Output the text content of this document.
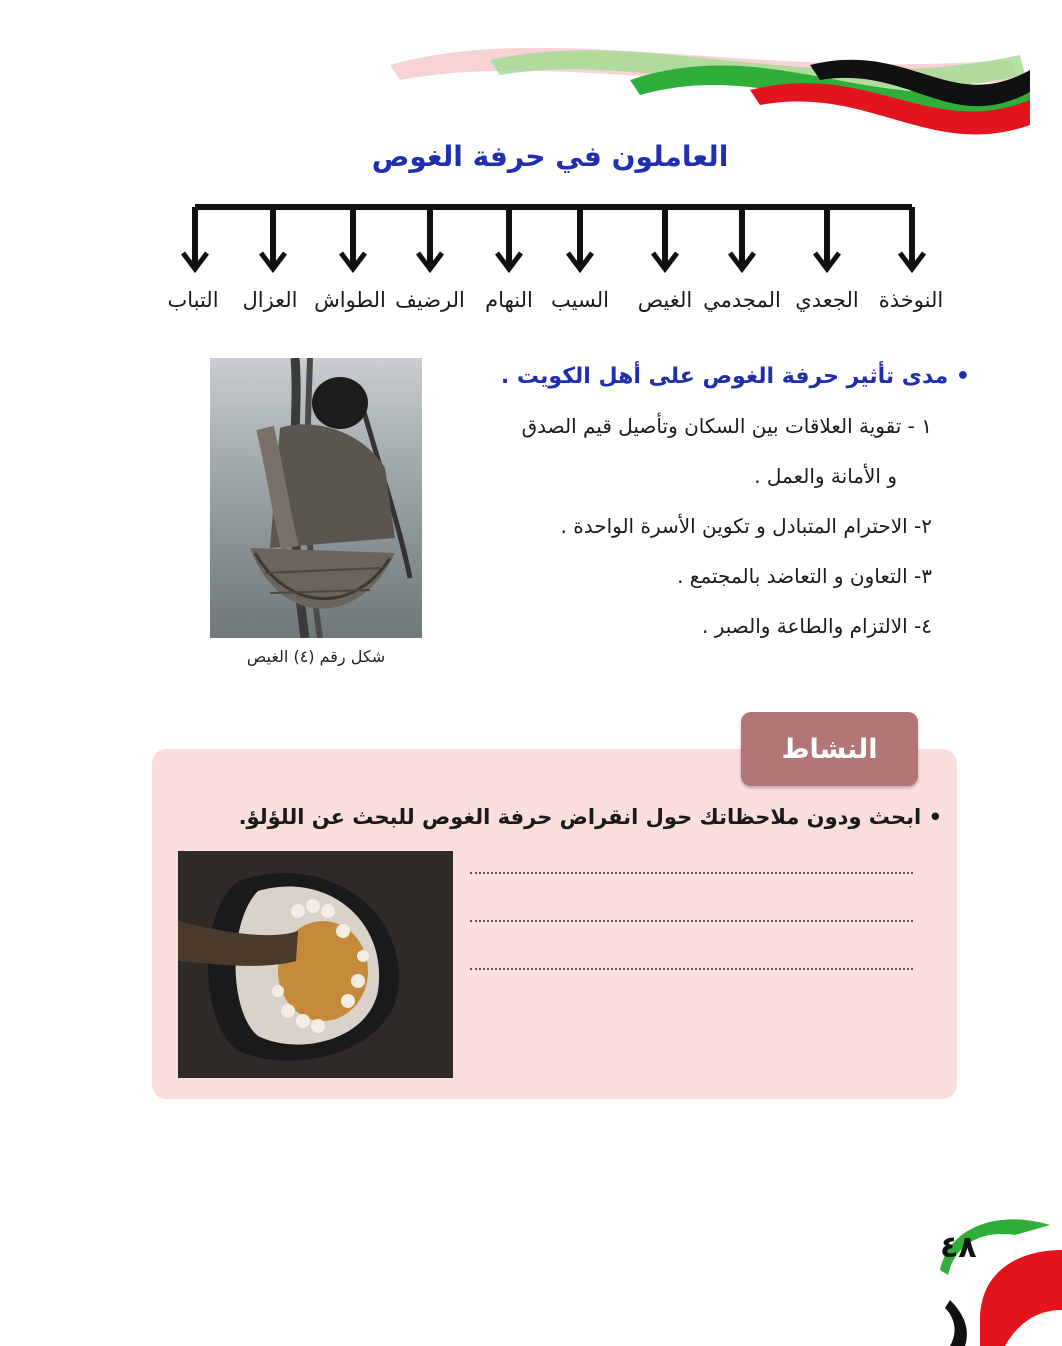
العاملون في حرفة الغوص
النوخذة
الجعدي
المجدمي
الغيص
السيب
النهام
الرضيف
الطواش
العزال
التباب
شكل رقم (٤) الغيص
• مدى تأثير حرفة الغوص على أهل الكويت .
١ - تقوية العلاقات بين السكان وتأصيل قيم الصدق
و الأمانة والعمل .
٢- الاحترام المتبادل و تكوين الأسرة الواحدة .
٣- التعاون و التعاضد بالمجتمع .
٤- الالتزام والطاعة والصبر .
النشاط
• ابحث ودون ملاحظاتك حول انقراض حرفة الغوص للبحث عن اللؤلؤ.
٤٨
